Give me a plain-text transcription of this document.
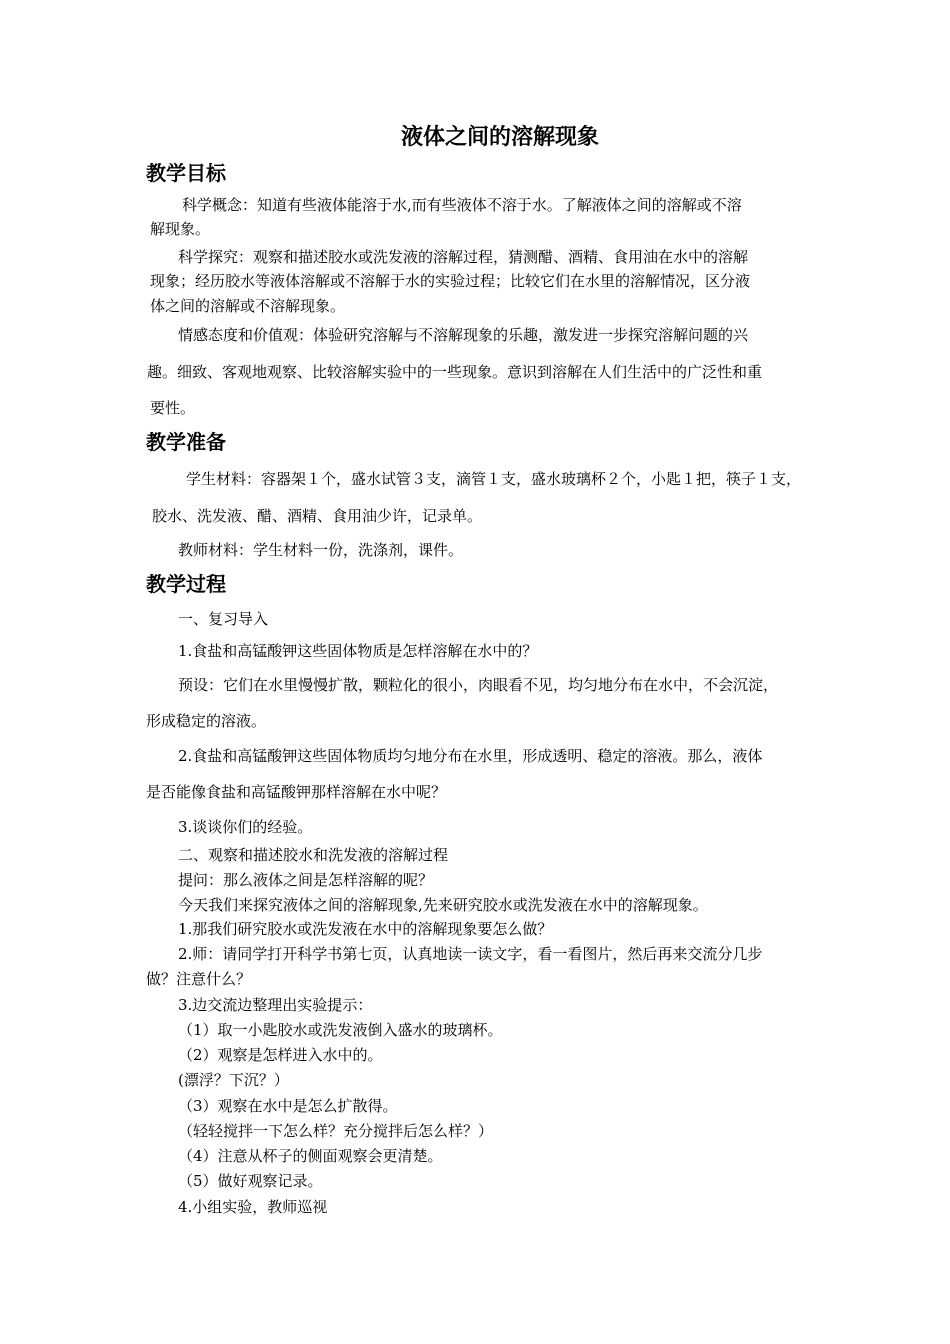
液体之间的溶解现象
教学目标
科学概念：知道有些液体能溶于水,而有些液体不溶于水。了解液体之间的溶解或不溶
解现象。
科学探究：观察和描述胶水或洗发液的溶解过程，猜测醋、酒精、食用油在水中的溶解
现象；经历胶水等液体溶解或不溶解于水的实验过程；比较它们在水里的溶解情况，区分液
体之间的溶解或不溶解现象。
情感态度和价值观：体验研究溶解与不溶解现象的乐趣，激发进一步探究溶解问题的兴
趣。细致、客观地观察、比较溶解实验中的一些现象。意识到溶解在人们生活中的广泛性和重
要性。
教学准备
学生材料：容器架１个，盛水试管３支，滴管１支，盛水玻璃杯２个，小匙１把，筷子１支，
胶水、洗发液、醋、酒精、食用油少许，记录单。
教师材料：学生材料一份，洗涤剂，课件。
教学过程
一、复习导入
1.食盐和高锰酸钾这些固体物质是怎样溶解在水中的？
预设：它们在水里慢慢扩散，颗粒化的很小，肉眼看不见，均匀地分布在水中，不会沉淀，
形成稳定的溶液。
2.食盐和高锰酸钾这些固体物质均匀地分布在水里，形成透明、稳定的溶液。那么，液体
是否能像食盐和高锰酸钾那样溶解在水中呢？
3.谈谈你们的经验。
二、观察和描述胶水和洗发液的溶解过程
提问：那么液体之间是怎样溶解的呢？
今天我们来探究液体之间的溶解现象,先来研究胶水或洗发液在水中的溶解现象。
1.那我们研究胶水或洗发液在水中的溶解现象要怎么做？
2.师：请同学打开科学书第七页，认真地读一读文字，看一看图片，然后再来交流分几步
做？注意什么？
3.边交流边整理出实验提示：
（1）取一小匙胶水或洗发液倒入盛水的玻璃杯。
（2）观察是怎样进入水中的。
(漂浮？下沉？）
（3）观察在水中是怎么扩散得。
（轻轻搅拌一下怎么样？充分搅拌后怎么样？）
（4）注意从杯子的侧面观察会更清楚。
（5）做好观察记录。
4.小组实验，教师巡视
